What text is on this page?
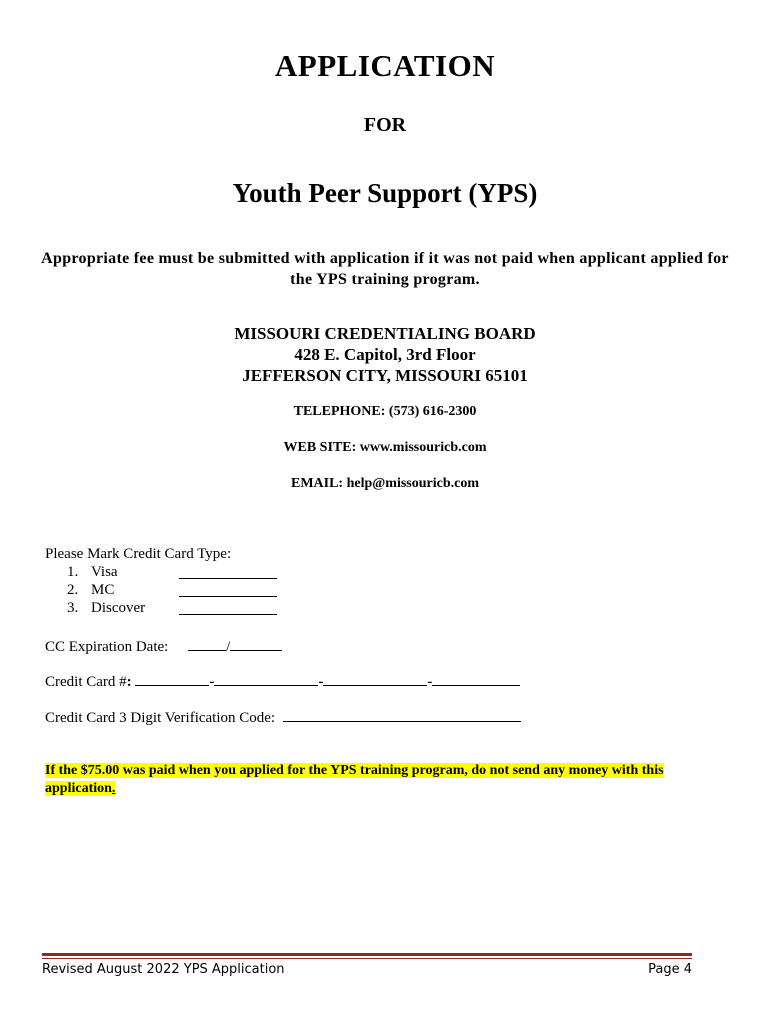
APPLICATION
FOR
Youth Peer Support (YPS)
Appropriate fee must be submitted with application if it was not paid when applicant applied for the YPS training program.
MISSOURI CREDENTIALING BOARD
428 E. Capitol, 3rd Floor
JEFFERSON CITY, MISSOURI 65101
TELEPHONE: (573) 616-2300
WEB SITE: www.missouricb.com
EMAIL: help@missouricb.com
Please Mark Credit Card Type:
1. Visa
2. MC
3. Discover
CC Expiration Date:	/
Credit Card #:	-	-	-
Credit Card 3 Digit Verification Code:
If the $75.00 was paid when you applied for the YPS training program, do not send any money with this
application.
Revised August 2022 YPS Application	Page 4
